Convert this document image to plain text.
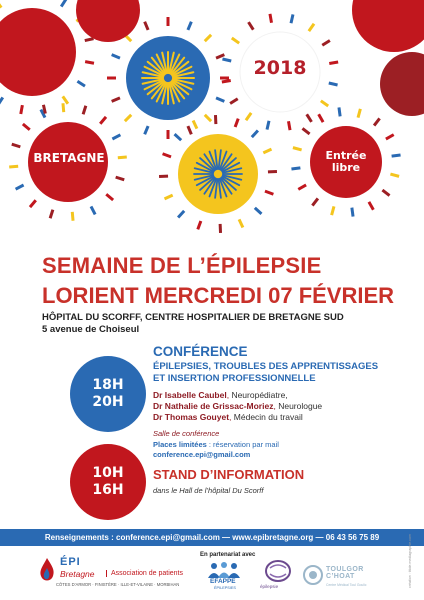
2018
BRETAGNE	Entrée libre
SEMAINE DE L’ÉPILEPSIE
LORIENT MERCREDI 07 FÉVRIER
HÔPITAL DU SCORFF, CENTRE HOSPITALIER DE BRETAGNE SUD
5 avenue de Choiseul
18H
20H
CONFÉRENCE
ÉPILEPSIES, TROUBLES DES APPRENTISSAGES
ET INSERTION PROFESSIONNELLE
Dr Isabelle Caubel, Neuropédiatre,
Dr Nathalie de Grissac-Moriez, Neurologue
Dr Thomas Gouyet, Médecin du travail
Salle de conférence
Places limitées : réservation par mail
conference.epi@gmail.com
10H
16H
STAND D’INFORMATION
dans le Hall de l’hôpital Du Scorff
Renseignements : conference.epi@gmail.com — www.epibretagne.org — 06 43 56 75 89
ÉPI
Bretagne	Association de patients
CÔTES D’ARMOR · FINISTÈRE · ILLE-ET-VILAINE · MORBIHAN
En partenariat avec
EFAPPE
ÉPILEPSIES	épilepsie
TOULGOR C’HOAT
Centre Médical Toul Goulic	création : titole.mediagraphie.com
